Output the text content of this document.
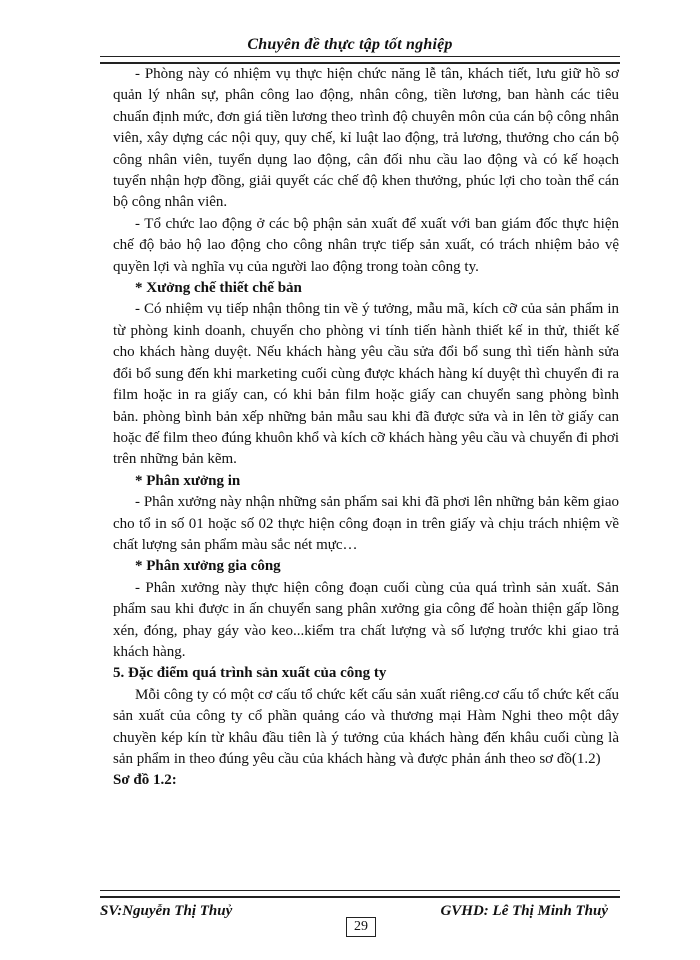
Chuyên đề thực tập tốt nghiệp

- Phòng này có nhiệm vụ thực hiện chức năng lễ tân, khách tiết, lưu giữ hồ sơ quản lý nhân sự, phân công lao động, nhân công, tiền lương, ban hành các tiêu chuẩn định mức, đơn giá tiền lương theo trình độ chuyên môn của cán bộ công nhân viên, xây dựng các nội quy, quy chế, kỉ luật lao động, trả lương, thưởng cho cán bộ công nhân viên, tuyển dụng lao động, cân đối nhu cầu lao động và có kế hoạch tuyển nhận hợp đồng, giải quyết các chế độ khen thưởng, phúc lợi cho toàn thể cán bộ công nhân viên.

- Tổ chức lao động ở các bộ phận sản xuất để xuất với ban giám đốc thực hiện chế độ bảo hộ lao động cho công nhân trực tiếp sản xuất, có trách nhiệm bảo vệ quyền lợi và nghĩa vụ của người lao động trong toàn công ty.

* Xưởng chế thiết chế bản

- Có nhiệm vụ tiếp nhận thông tin về ý tưởng, mẫu mã, kích cỡ của sản phẩm in từ phòng kinh doanh, chuyển cho phòng vi tính tiến hành thiết kế in thử, thiết kế cho khách hàng duyệt. Nếu khách hàng yêu cầu sửa đổi bổ sung thì tiến hành sửa đổi bổ sung đến khi marketing cuối cùng được khách hàng kí duyệt thì chuyển đi ra film hoặc in ra giấy can, có khi bản film hoặc giấy can chuyển sang phòng bình bản. phòng bình bản xếp những bản mẫu sau khi đã được sửa và in lên tờ giấy can hoặc đế film theo đúng khuôn khổ và kích cỡ khách hàng yêu cầu và chuyển đi phơi trên những bản kẽm.

* Phân xưởng in

- Phân xưởng này nhận những sản phẩm sai khi đã phơi lên những bản kẽm giao cho tổ in số 01 hoặc số 02 thực hiện công đoạn in trên giấy và chịu trách nhiệm về chất lượng sản phẩm màu sắc nét mực…

* Phân xưởng gia công

- Phân xưởng này thực hiện công đoạn cuối cùng của quá trình sản xuất. Sản phẩm sau khi được in ấn chuyển sang phân xưởng gia công để hoàn thiện gấp lồng xén, đóng, phay gáy vào keo...kiểm tra chất lượng và số lượng trước khi giao trả khách hàng.

5. Đặc điểm quá trình sản xuất của công ty

Mỗi công ty có một cơ cấu tổ chức kết cấu sản xuất riêng.cơ cấu tổ chức kết cấu sản xuất của công ty cổ phần quảng cáo và thương mại Hàm Nghi theo một dây chuyền kép kín từ khâu đầu tiên là ý tưởng của khách hàng đến khâu cuối cùng là sản phẩm in theo đúng yêu cầu của khách hàng và được phản ánh theo sơ đồ(1.2)

Sơ đồ 1.2:

SV:Nguyễn Thị Thuỷ	GVHD: Lê Thị Minh Thuỷ
29
